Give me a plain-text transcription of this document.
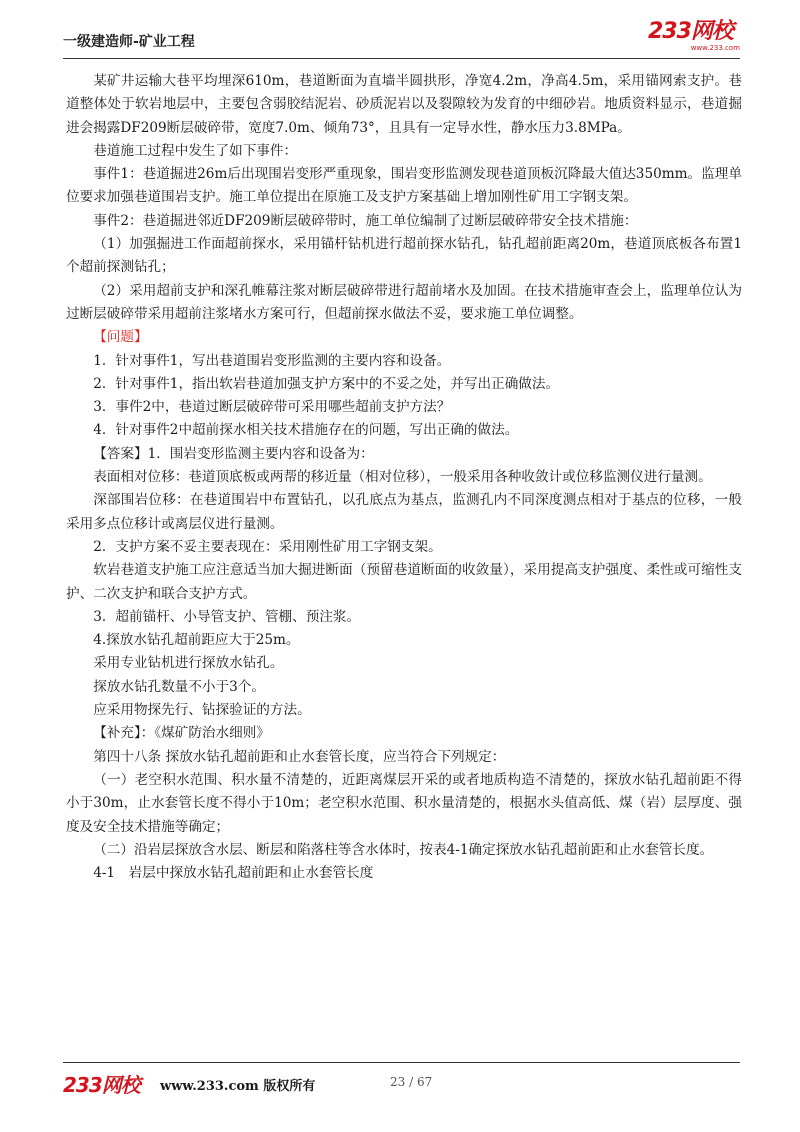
一级建造师-矿业工程	233网校
www.233.com

某矿井运输大巷平均埋深610m，巷道断面为直墙半圆拱形，净宽4.2m，净高4.5m，采用锚网索支护。巷道整体处于软岩地层中，主要包含弱胶结泥岩、砂质泥岩以及裂隙较为发育的中细砂岩。地质资料显示，巷道掘进会揭露DF209断层破碎带，宽度7.0m、倾角73°，且具有一定导水性，静水压力3.8MPa。

巷道施工过程中发生了如下事件：

事件1：巷道掘进26m后出现围岩变形严重现象，围岩变形监测发现巷道顶板沉降最大值达350mm。监理单位要求加强巷道围岩支护。施工单位提出在原施工及支护方案基础上增加刚性矿用工字钢支架。

事件2：巷道掘进邻近DF209断层破碎带时，施工单位编制了过断层破碎带安全技术措施：

（1）加强掘进工作面超前探水，采用锚杆钻机进行超前探水钻孔，钻孔超前距离20m，巷道顶底板各布置1个超前探测钻孔；

（2）采用超前支护和深孔帷幕注浆对断层破碎带进行超前堵水及加固。在技术措施审查会上，监理单位认为过断层破碎带采用超前注浆堵水方案可行，但超前探水做法不妥，要求施工单位调整。

【问题】

1．针对事件1，写出巷道围岩变形监测的主要内容和设备。

2．针对事件1，指出软岩巷道加强支护方案中的不妥之处，并写出正确做法。

3．事件2中，巷道过断层破碎带可采用哪些超前支护方法？

4．针对事件2中超前探水相关技术措施存在的问题，写出正确的做法。

【答案】1．围岩变形监测主要内容和设备为：

表面相对位移：巷道顶底板或两帮的移近量（相对位移），一般采用各种收敛计或位移监测仪进行量测。

深部围岩位移：在巷道围岩中布置钻孔，以孔底点为基点，监测孔内不同深度测点相对于基点的位移，一般采用多点位移计或离层仪进行量测。

2．支护方案不妥主要表现在：采用刚性矿用工字钢支架。

软岩巷道支护施工应注意适当加大掘进断面（预留巷道断面的收敛量），采用提高支护强度、柔性或可缩性支护、二次支护和联合支护方式。

3．超前锚杆、小导管支护、管棚、预注浆。

4.探放水钻孔超前距应大于25m。

采用专业钻机进行探放水钻孔。

探放水钻孔数量不小于3个。

应采用物探先行、钻探验证的方法。

【补充】：《煤矿防治水细则》

第四十八条 探放水钻孔超前距和止水套管长度，应当符合下列规定：

（一）老空积水范围、积水量不清楚的，近距离煤层开采的或者地质构造不清楚的，探放水钻孔超前距不得小于30m，止水套管长度不得小于10m；老空积水范围、积水量清楚的，根据水头值高低、煤（岩）层厚度、强度及安全技术措施等确定；

（二）沿岩层探放含水层、断层和陷落柱等含水体时，按表4-1确定探放水钻孔超前距和止水套管长度。

4-1　岩层中探放水钻孔超前距和止水套管长度

233网校 www.233.com 版权所有	23 / 67
